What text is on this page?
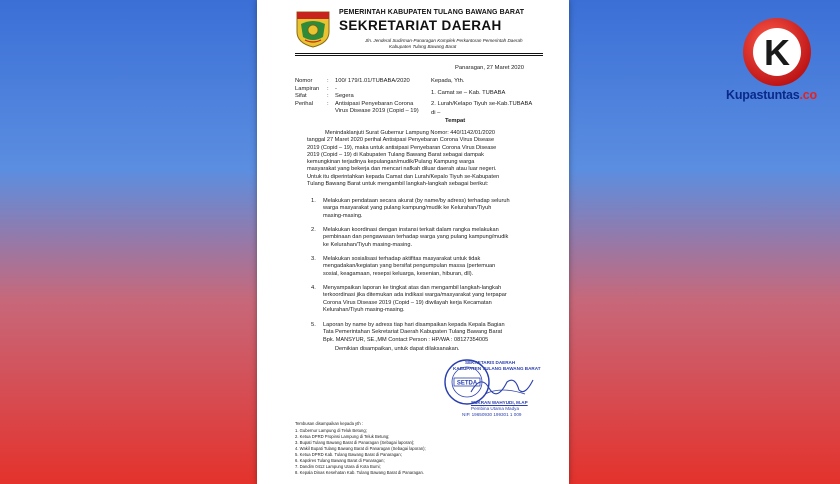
PEMERINTAH KABUPATEN TULANG BAWANG BARAT
SEKRETARIAT DAERAH
Jln. Jenderal Sudirman-Panaragan Komplek Perkantoran Pemerintah Daerah
Kabupaten Tulang Bawang Barat
Panaragan, 27 Maret 2020
Nomor	: 100/ 179/1.01/TUBABA/2020
Lampiran : -
Sifat	: Segera
Perihal : Antisipasi Penyebaran Corona
Virus Disease 2019 (Copid – 19)
Kepada, Yth.
1. Camat se – Kab. TUBABA
2. Lurah/Kelapo Tiyuh se-Kab.TUBABA
di –
Tempat
Menindaklanjuti Surat Gubernur Lampung Nomor: 440/1142/01/2020
tanggal 27 Maret 2020 perihal Antisipasi Penyebaran Corona Virus Disease
2019 (Copid – 19), maka untuk antisipasi Penyebaran Corona Virus Disease
2019 (Copid – 19) di Kabupaten Tulang Bawang Barat sebagai dampak
kemungkinan terjadinya kepulangan/mudik/Pulang Kampung warga
masyarakat yang bekerja dan mencari nafkah diluar daerah atau luar negeri.
Untuk itu diperintahkan kepada Camat dan Lurah/Kepalo Tiyuh se-Kabupaten
Tulang Bawang Barat untuk mengambil langkah-langkah sebagai berikut:
1. Melakukan pendataan secara akurat (by name/by adress) terhadap seluruh
warga masyarakat yang pulang kampung/mudik ke Kelurahan/Tiyuh
masing-masing.
2. Melakukan koordinasi dengan instansi terkait dalam rangka melakukan
pembinaan dan pengawasan terhadap warga yang pulang kampung/mudik
ke Kelurahan/Tiyuh masing-masing.
3. Melakukan sosialisasi terhadap aktifitas masyarakat untuk tidak
mengadakan/kegiatan yang bersifat pengumpulan massa (pertemuan
sosial, keagamaan, resepsi keluarga, kesenian, hiburan, dll).
4. Menyampaikan laporan ke tingkat atas dan mengambil langkah-langkah
terkoordinasi jika ditemukan ada indikasi warga/masyarakat yang terpapar
Corona Virus Disease 2019 (Copid – 19) diwilayah kerja Kecamatan
Kelurahan/Tiyuh masing-masing.
5. Laporan by name by adress tiap hari disampaikan kepada Kepala Bagian
Tata Pemerintahan Sekretariat Daerah Kabupaten Tulang Bawang Barat
Bpk. MANSYUR, SE.,MM Contact Person : HP/WA : 08127354005
Demikian disampaikan, untuk dapat dilaksanakan.
SEKRETARIS DAERAH
KABUPATEN TULANG BAWANG BARAT
SETDA
SUKRAN WAHYUDI, M.AP
Pembina Utama Madya
NIP. 19650930 199301 1 009
Tembusan disampaikan kepada yth :
1. Gubernur Lampung di Teluk Betung;
2. Ketua DPRD Propinsi Lampung di Teluk Betung;
3. Bupati Tulang Bawang Barat di Panaragan (Sebagai laporan);
4. Wakil Bupati Tulang Bawang Barat di Panaragan (Sebagai laporan);
5. Ketua DPRD Kab. Tulang Bawang Barat di Panaragan;
6. Kapolres Tulang Bawang Barat di Panaragan;
7. Dandim 0412 Lampung Utara di Kota Bumi;
8. Kepala Dinas Kesehatan Kab. Tulang Bawang Barat di Panaragan.
K
Kupastuntas.co
